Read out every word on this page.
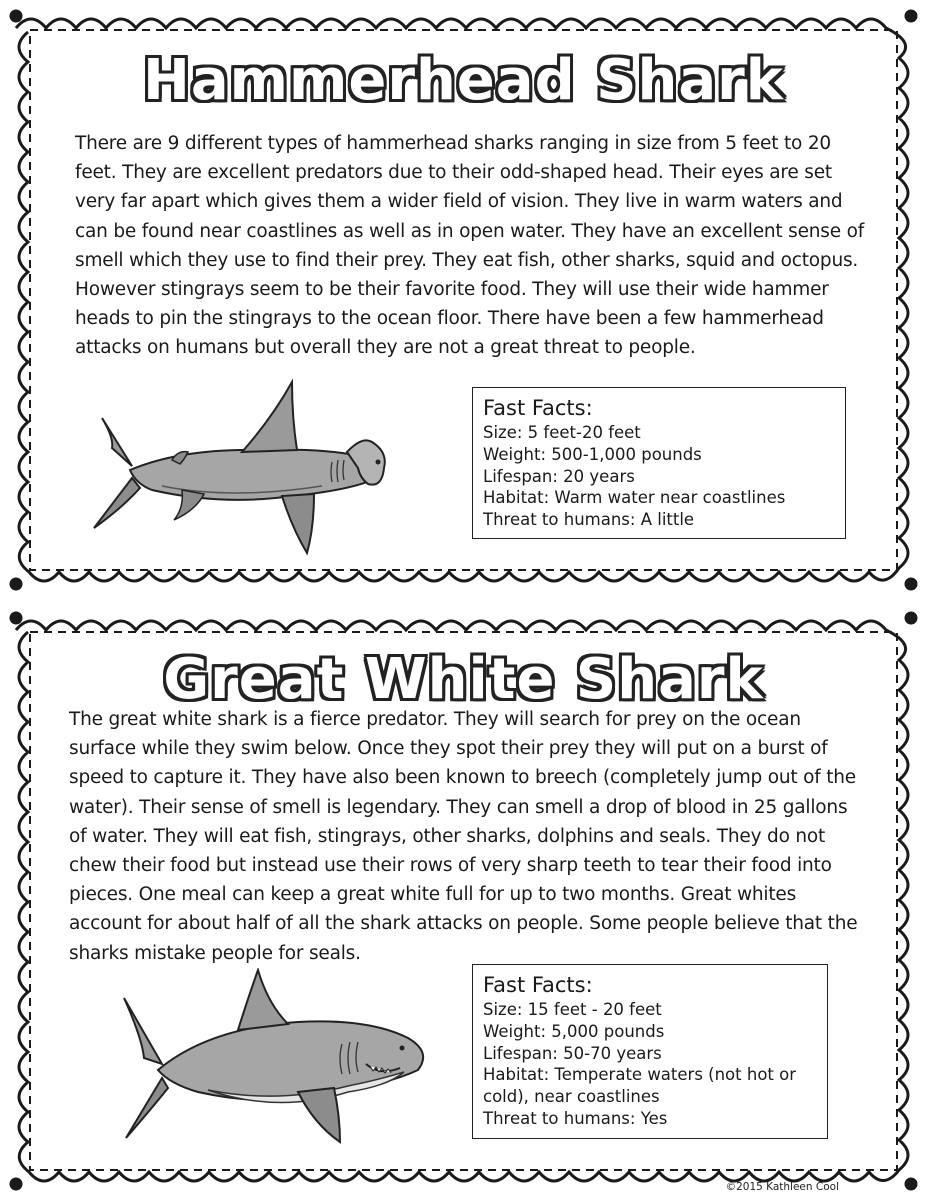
Hammerhead Shark

There are 9 different types of hammerhead sharks ranging in size from 5 feet to 20 feet. They are excellent predators due to their odd-shaped head. Their eyes are set very far apart which gives them a wider field of vision. They live in warm waters and can be found near coastlines as well as in open water. They have an excellent sense of smell which they use to find their prey. They eat fish, other sharks, squid and octopus. However stingrays seem to be their favorite food. They will use their wide hammer heads to pin the stingrays to the ocean floor. There have been a few hammerhead attacks on humans but overall they are not a great threat to people.

Fast Facts:

Size: 5 feet-20 feet
Weight: 500-1,000 pounds
Lifespan: 20 years
Habitat: Warm water near coastlines
Threat to humans: A little
Great White Shark

The great white shark is a fierce predator. They will search for prey on the ocean surface while they swim below. Once they spot their prey they will put on a burst of speed to capture it. They have also been known to breech (completely jump out of the water). Their sense of smell is legendary. They can smell a drop of blood in 25 gallons of water. They will eat fish, stingrays, other sharks, dolphins and seals. They do not chew their food but instead use their rows of very sharp teeth to tear their food into pieces. One meal can keep a great white full for up to two months. Great whites account for about half of all the shark attacks on people. Some people believe that the sharks mistake people for seals.

Fast Facts:

Size: 15 feet - 20 feet
Weight: 5,000 pounds
Lifespan: 50-70 years
Habitat: Temperate waters (not hot or cold), near coastlines
Threat to humans: Yes
©2015 Kathleen Cool
